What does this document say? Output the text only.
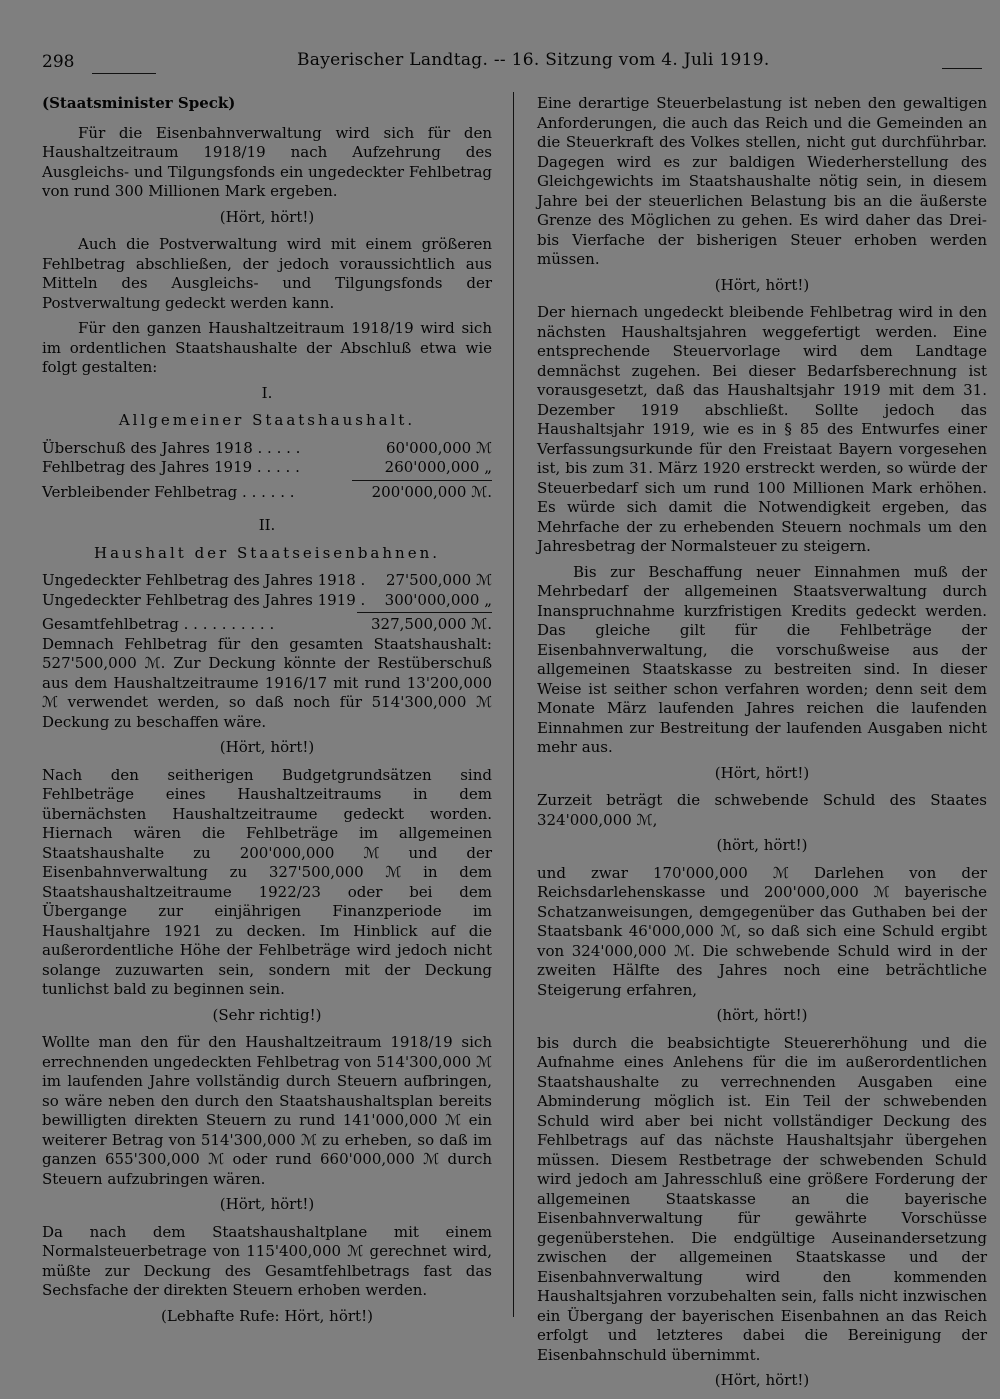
298	Bayerischer Landtag. -- 16. Sitzung vom 4. Juli 1919.

(Staatsminister Speck)

Für die Eisenbahnverwaltung wird sich für den Haushaltzeitraum 1918/19 nach Aufzehrung des Ausgleichs- und Tilgungsfonds ein ungedeckter Fehlbetrag von rund 300 Millionen Mark ergeben.

(Hört, hört!)

Auch die Postverwaltung wird mit einem größeren Fehlbetrag abschließen, der jedoch voraussichtlich aus Mitteln des Ausgleichs- und Tilgungsfonds der Postverwaltung gedeckt werden kann.

Für den ganzen Haushaltzeitraum 1918/19 wird sich im ordentlichen Staatshaushalte der Abschluß etwa wie folgt gestalten:

I.

Allgemeiner Staatshaushalt.

Überschuß des Jahres 1918 . . . . .	60'000,000 ℳ
Fehlbetrag des Jahres 1919 . . . . .	260'000,000 „
Verbleibender Fehlbetrag . . . . . .	200'000,000 ℳ.

II.

Haushalt der Staatseisenbahnen.

Ungedeckter Fehlbetrag des Jahres 1918 . 27'500,000 ℳ
Ungedeckter Fehlbetrag des Jahres 1919 . 300'000,000 „
Gesamtfehlbetrag . . . . . . . . . .	327,500,000 ℳ.

Demnach Fehlbetrag für den gesamten Staatshaushalt: 527'500,000 ℳ. Zur Deckung könnte der Restüberschuß aus dem Haushaltzeitraume 1916/17 mit rund 13'200,000 ℳ verwendet werden, so daß noch für 514'300,000 ℳ Deckung zu beschaffen wäre.

(Hört, hört!)

Nach den seitherigen Budgetgrundsätzen sind Fehlbeträge eines Haushaltzeitraums in dem übernächsten Haushaltzeitraume gedeckt worden. Hiernach wären die Fehlbeträge im allgemeinen Staatshaushalte zu 200'000,000 ℳ und der Eisenbahnverwaltung zu 327'500,000 ℳ in dem Staatshaushaltzeitraume 1922/23 oder bei dem Übergange zur einjährigen Finanzperiode im Haushaltjahre 1921 zu decken. Im Hinblick auf die außerordentliche Höhe der Fehlbeträge wird jedoch nicht solange zuzuwarten sein, sondern mit der Deckung tunlichst bald zu beginnen sein.

(Sehr richtig!)

Wollte man den für den Haushaltzeitraum 1918/19 sich errechnenden ungedeckten Fehlbetrag von 514'300,000 ℳ im laufenden Jahre vollständig durch Steuern aufbringen, so wäre neben den durch den Staatshaushaltsplan bereits bewilligten direkten Steuern zu rund 141'000,000 ℳ ein weiterer Betrag von 514'300,000 ℳ zu erheben, so daß im ganzen 655'300,000 ℳ oder rund 660'000,000 ℳ durch Steuern aufzubringen wären.

(Hört, hört!)

Da nach dem Staatshaushaltplane mit einem Normalsteuerbetrage von 115'400,000 ℳ gerechnet wird, müßte zur Deckung des Gesamtfehlbetrags fast das Sechsfache der direkten Steuern erhoben werden.

(Lebhafte Rufe: Hört, hört!)

Eine derartige Steuerbelastung ist neben den gewaltigen Anforderungen, die auch das Reich und die Gemeinden an die Steuerkraft des Volkes stellen, nicht gut durchführbar. Dagegen wird es zur baldigen Wiederherstellung des Gleichgewichts im Staatshaushalte nötig sein, in diesem Jahre bei der steuerlichen Belastung bis an die äußerste Grenze des Möglichen zu gehen. Es wird daher das Drei- bis Vierfache der bisherigen Steuer erhoben werden müssen.

(Hört, hört!)

Der hiernach ungedeckt bleibende Fehlbetrag wird in den nächsten Haushaltsjahren weggefertigt werden. Eine entsprechende Steuervorlage wird dem Landtage demnächst zugehen. Bei dieser Bedarfsberechnung ist vorausgesetzt, daß das Haushaltsjahr 1919 mit dem 31. Dezember 1919 abschließt. Sollte jedoch das Haushaltsjahr 1919, wie es in § 85 des Entwurfes einer Verfassungsurkunde für den Freistaat Bayern vorgesehen ist, bis zum 31. März 1920 erstreckt werden, so würde der Steuerbedarf sich um rund 100 Millionen Mark erhöhen. Es würde sich damit die Notwendigkeit ergeben, das Mehrfache der zu erhebenden Steuern nochmals um den Jahresbetrag der Normalsteuer zu steigern.

Bis zur Beschaffung neuer Einnahmen muß der Mehrbedarf der allgemeinen Staatsverwaltung durch Inanspruchnahme kurzfristigen Kredits gedeckt werden. Das gleiche gilt für die Fehlbeträge der Eisenbahnverwaltung, die vorschußweise aus der allgemeinen Staatskasse zu bestreiten sind. In dieser Weise ist seither schon verfahren worden; denn seit dem Monate März laufenden Jahres reichen die laufenden Einnahmen zur Bestreitung der laufenden Ausgaben nicht mehr aus.

(Hört, hört!)

Zurzeit beträgt die schwebende Schuld des Staates 324'000,000 ℳ,

(hört, hört!)

und zwar 170'000,000 ℳ Darlehen von der Reichsdarlehenskasse und 200'000,000 ℳ bayerische Schatzanweisungen, demgegenüber das Guthaben bei der Staatsbank 46'000,000 ℳ, so daß sich eine Schuld ergibt von 324'000,000 ℳ. Die schwebende Schuld wird in der zweiten Hälfte des Jahres noch eine beträchtliche Steigerung erfahren,

(hört, hört!)

bis durch die beabsichtigte Steuererhöhung und die Aufnahme eines Anlehens für die im außerordentlichen Staatshaushalte zu verrechnenden Ausgaben eine Abminderung möglich ist. Ein Teil der schwebenden Schuld wird aber bei nicht vollständiger Deckung des Fehlbetrags auf das nächste Haushaltsjahr übergehen müssen. Diesem Restbetrage der schwebenden Schuld wird jedoch am Jahresschluß eine größere Forderung der allgemeinen Staatskasse an die bayerische Eisenbahnverwaltung für gewährte Vorschüsse gegenüberstehen. Die endgültige Auseinandersetzung zwischen der allgemeinen Staatskasse und der Eisenbahnverwaltung wird den kommenden Haushaltsjahren vorzubehalten sein, falls nicht inzwischen ein Übergang der bayerischen Eisenbahnen an das Reich erfolgt und letzteres dabei die Bereinigung der Eisenbahnschuld übernimmt.

(Hört, hört!)
